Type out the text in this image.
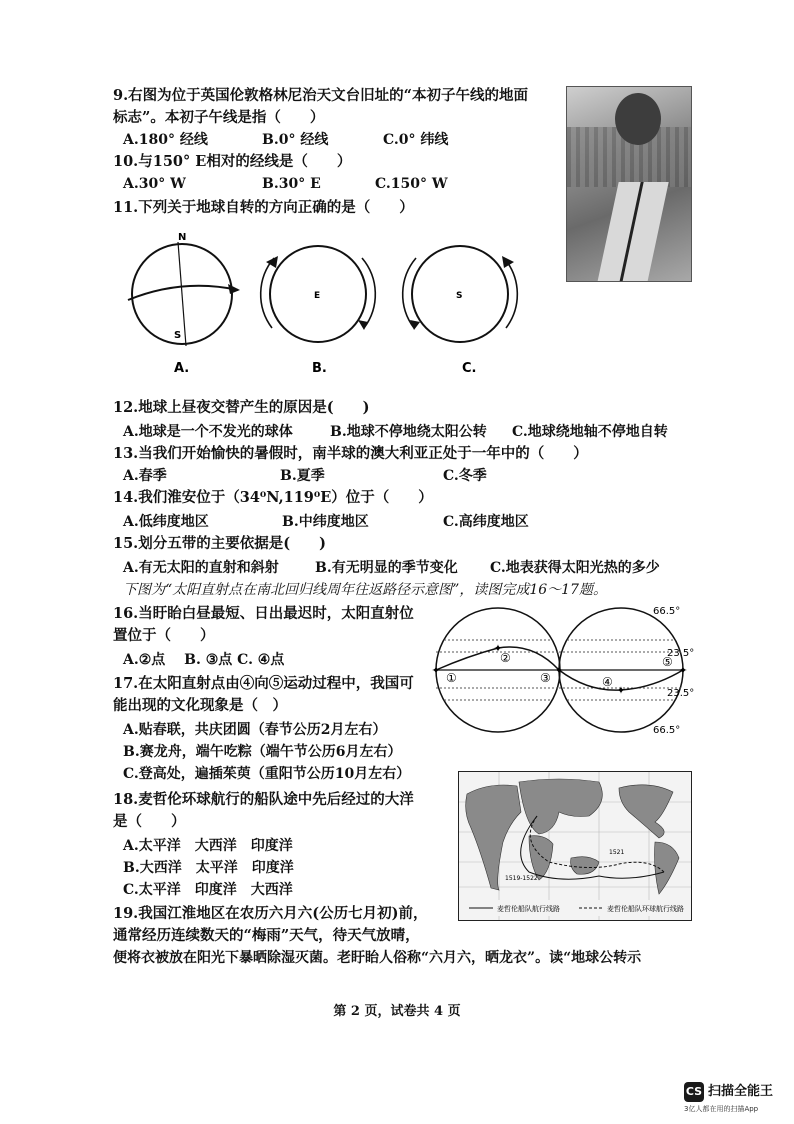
9.右图为位于英国伦敦格林尼治天文台旧址的“本初子午线的地面
标志”。本初子午线是指（　　）
A.180° 经线	B.0° 经线	C.0° 纬线
10.与150° E相对的经线是（　　）
A.30° W	B.30° E	C.150° W
11.下列关于地球自转的方向正确的是（　　）
N
S
A.
E
B.
S
C.
12.地球上昼夜交替产生的原因是(　　)
A.地球是一个不发光的球体	B.地球不停地绕太阳公转 C.地球绕地轴不停地自转
13.当我们开始愉快的暑假时，南半球的澳大利亚正处于一年中的（　　）
A.春季	B.夏季	C.冬季
14.我们淮安位于（34⁰N,119⁰E）位于（　　）
A.低纬度地区	B.中纬度地区	C.高纬度地区
15.划分五带的主要依据是(　　)
A.有无太阳的直射和斜射	B.有无明显的季节变化 C.地表获得太阳光热的多少
下图为“太阳直射点在南北回归线周年往返路径示意图”，读图完成16～17题。
16.当盱眙白昼最短、日出最迟时，太阳直射位
置位于（　　）
A.②点　 B. ③点 C. ④点
✦
✦
✦
✦
✦
①
②
③	④
⑤
66.5°
23.5°
23.5°
66.5°
17.在太阳直射点由④向⑤运动过程中，我国可
能出现的文化现象是（　）
A.贴春联，共庆团圆（春节公历2月左右）
B.赛龙舟，端午吃粽（端午节公历6月左右）
C.登高处，遍插茱萸（重阳节公历10月左右）
18.麦哲伦环球航行的船队途中先后经过的大洋
是（　　）
A.太平洋　大西洋　印度洋
B.大西洋　太平洋　印度洋
C.太平洋　印度洋　大西洋
1519-1522
1521
麦哲伦船队航行线路	麦哲伦船队环球航行线路
19.我国江淮地区在农历六月六(公历七月初)前，
通常经历连续数天的“梅雨”天气，待天气放晴，
便将衣被放在阳光下暴晒除湿灭菌。老盱眙人俗称“六月六，晒龙衣”。读“地球公转示
第 2 页，试卷共 4 页
CS 扫描全能王
3亿人都在用的扫描App
